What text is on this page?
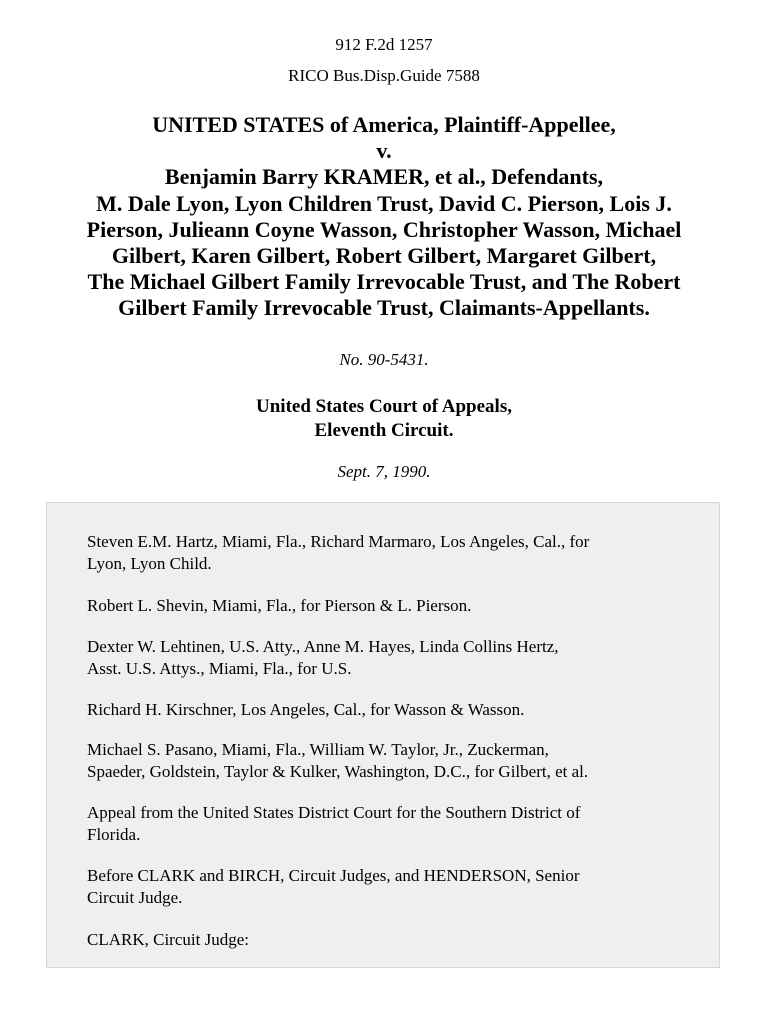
912 F.2d 1257
RICO Bus.Disp.Guide 7588
UNITED STATES of America, Plaintiff-Appellee,
v.
Benjamin Barry KRAMER, et al., Defendants,
M. Dale Lyon, Lyon Children Trust, David C. Pierson, Lois J.
Pierson, Julieann Coyne Wasson, Christopher Wasson, Michael
Gilbert, Karen Gilbert, Robert Gilbert, Margaret Gilbert,
The Michael Gilbert Family Irrevocable Trust, and The Robert
Gilbert Family Irrevocable Trust, Claimants-Appellants.
No. 90-5431.
United States Court of Appeals,
Eleventh Circuit.
Sept. 7, 1990.
Steven E.M. Hartz, Miami, Fla., Richard Marmaro, Los Angeles, Cal., for
Lyon, Lyon Child.
Robert L. Shevin, Miami, Fla., for Pierson & L. Pierson.
Dexter W. Lehtinen, U.S. Atty., Anne M. Hayes, Linda Collins Hertz,
Asst. U.S. Attys., Miami, Fla., for U.S.
Richard H. Kirschner, Los Angeles, Cal., for Wasson & Wasson.
Michael S. Pasano, Miami, Fla., William W. Taylor, Jr., Zuckerman,
Spaeder, Goldstein, Taylor & Kulker, Washington, D.C., for Gilbert, et al.
Appeal from the United States District Court for the Southern District of
Florida.
Before CLARK and BIRCH, Circuit Judges, and HENDERSON, Senior
Circuit Judge.
CLARK, Circuit Judge:
